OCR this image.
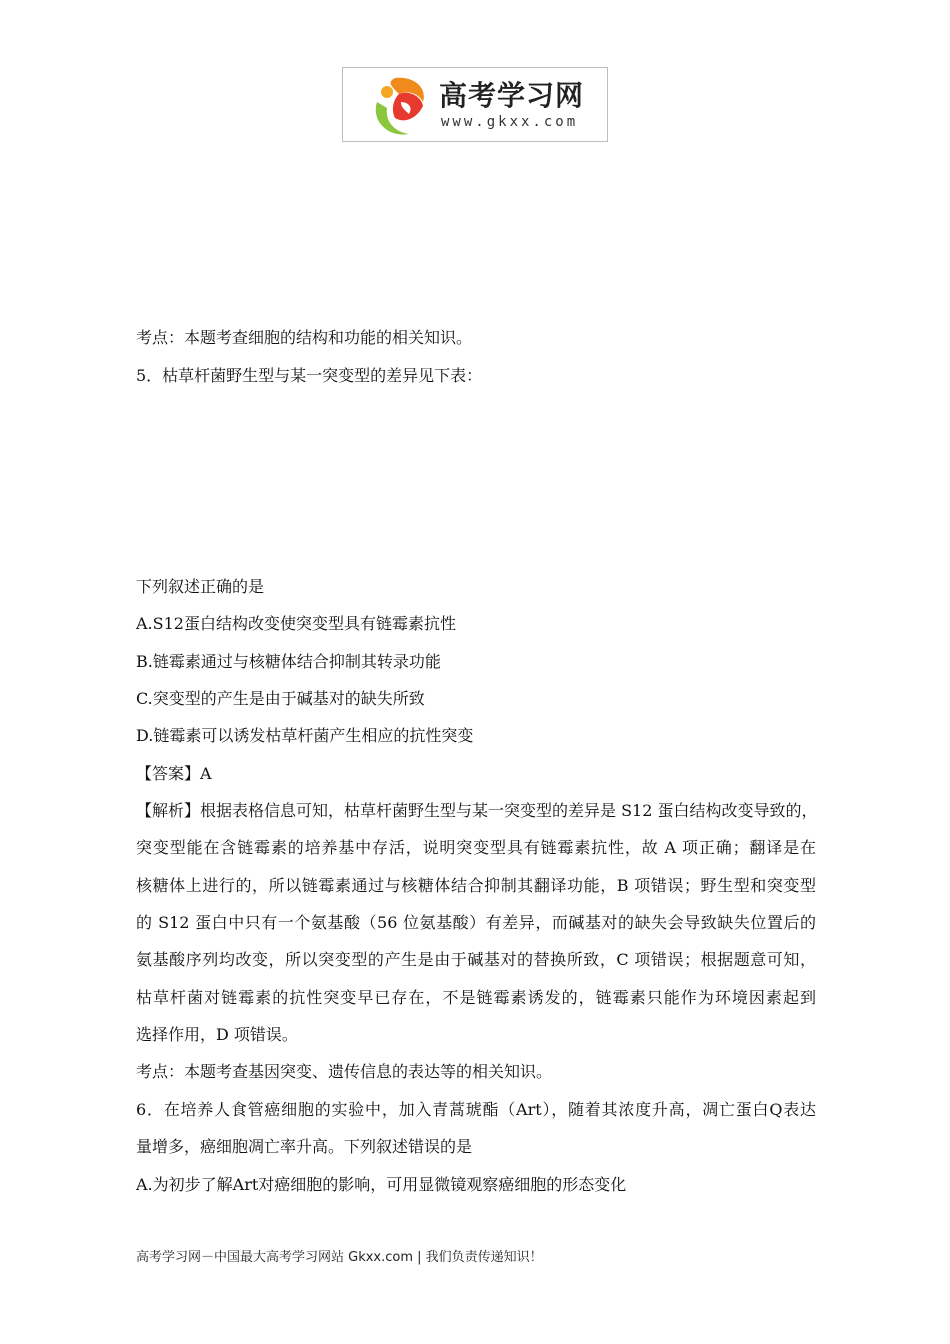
高考学习网
www.gkxx.com
考点：本题考查细胞的结构和功能的相关知识。
5．枯草杆菌野生型与某一突变型的差异见下表：
下列叙述正确的是
A.S12蛋白结构改变使突变型具有链霉素抗性
B.链霉素通过与核糖体结合抑制其转录功能
C.突变型的产生是由于碱基对的缺失所致
D.链霉素可以诱发枯草杆菌产生相应的抗性突变
【答案】A
【解析】根据表格信息可知，枯草杆菌野生型与某一突变型的差异是 S12 蛋白结构改变导致的，
突变型能在含链霉素的培养基中存活，说明突变型具有链霉素抗性，故 A 项正确；翻译是在
核糖体上进行的，所以链霉素通过与核糖体结合抑制其翻译功能，B 项错误；野生型和突变型
的 S12 蛋白中只有一个氨基酸（56 位氨基酸）有差异，而碱基对的缺失会导致缺失位置后的
氨基酸序列均改变，所以突变型的产生是由于碱基对的替换所致，C 项错误；根据题意可知，
枯草杆菌对链霉素的抗性突变早已存在，不是链霉素诱发的，链霉素只能作为环境因素起到
选择作用，D 项错误。
考点：本题考查基因突变、遗传信息的表达等的相关知识。
6．在培养人食管癌细胞的实验中，加入青蒿琥酯（Art），随着其浓度升高，凋亡蛋白Q表达
量增多，癌细胞凋亡率升高。下列叙述错误的是
A.为初步了解Art对癌细胞的影响，可用显微镜观察癌细胞的形态变化
高考学习网－中国最大高考学习网站 Gkxx.com | 我们负责传递知识！
